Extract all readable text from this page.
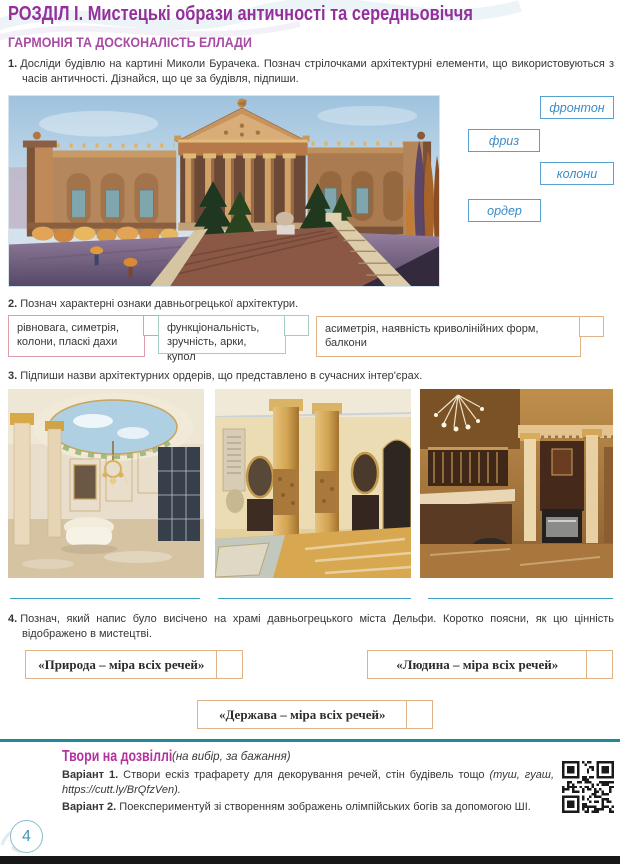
РОЗДІЛ І. Мистецькі образи античності та середньовіччя
ГАРМОНІЯ ТА ДОСКОНАЛІСТЬ ЕЛЛАДИ
1. Досліди будівлю на картині Миколи Бурачека. Познач стрілочками архітектурні елементи, що використовуються з часів античності. Дізнайся, що це за будівля, підпиши.
фронтон
фриз
колони
ордер
2. Познач характерні ознаки давньогрецької архітектури.
рівновага, симетрія, колони, пласкі дахи
функціональність, зручність, арки, купол
асиметрія, наявність криволінійних форм, балкони
3. Підпиши назви архітектурних ордерів, що представлено в сучасних інтер'єрах.
4. Познач, який напис було висічено на храмі давньогрецького міста Дельфи. Коротко поясни, як цю цінність відображено в мистецтві.
«Природа – міра всіх речей»	«Людина – міра всіх речей»
«Держава – міра всіх речей»
Твори на дозвіллі (на вибір, за бажання)

Варіант 1. Створи ескіз трафарету для декорування речей, стін будівель тощо (туш, гуаш, https://cutt.ly/BrQfzVen).

Варіант 2. Поекспериментуй зі створенням зображень олімпійських богів за допомогою ШІ.

4
